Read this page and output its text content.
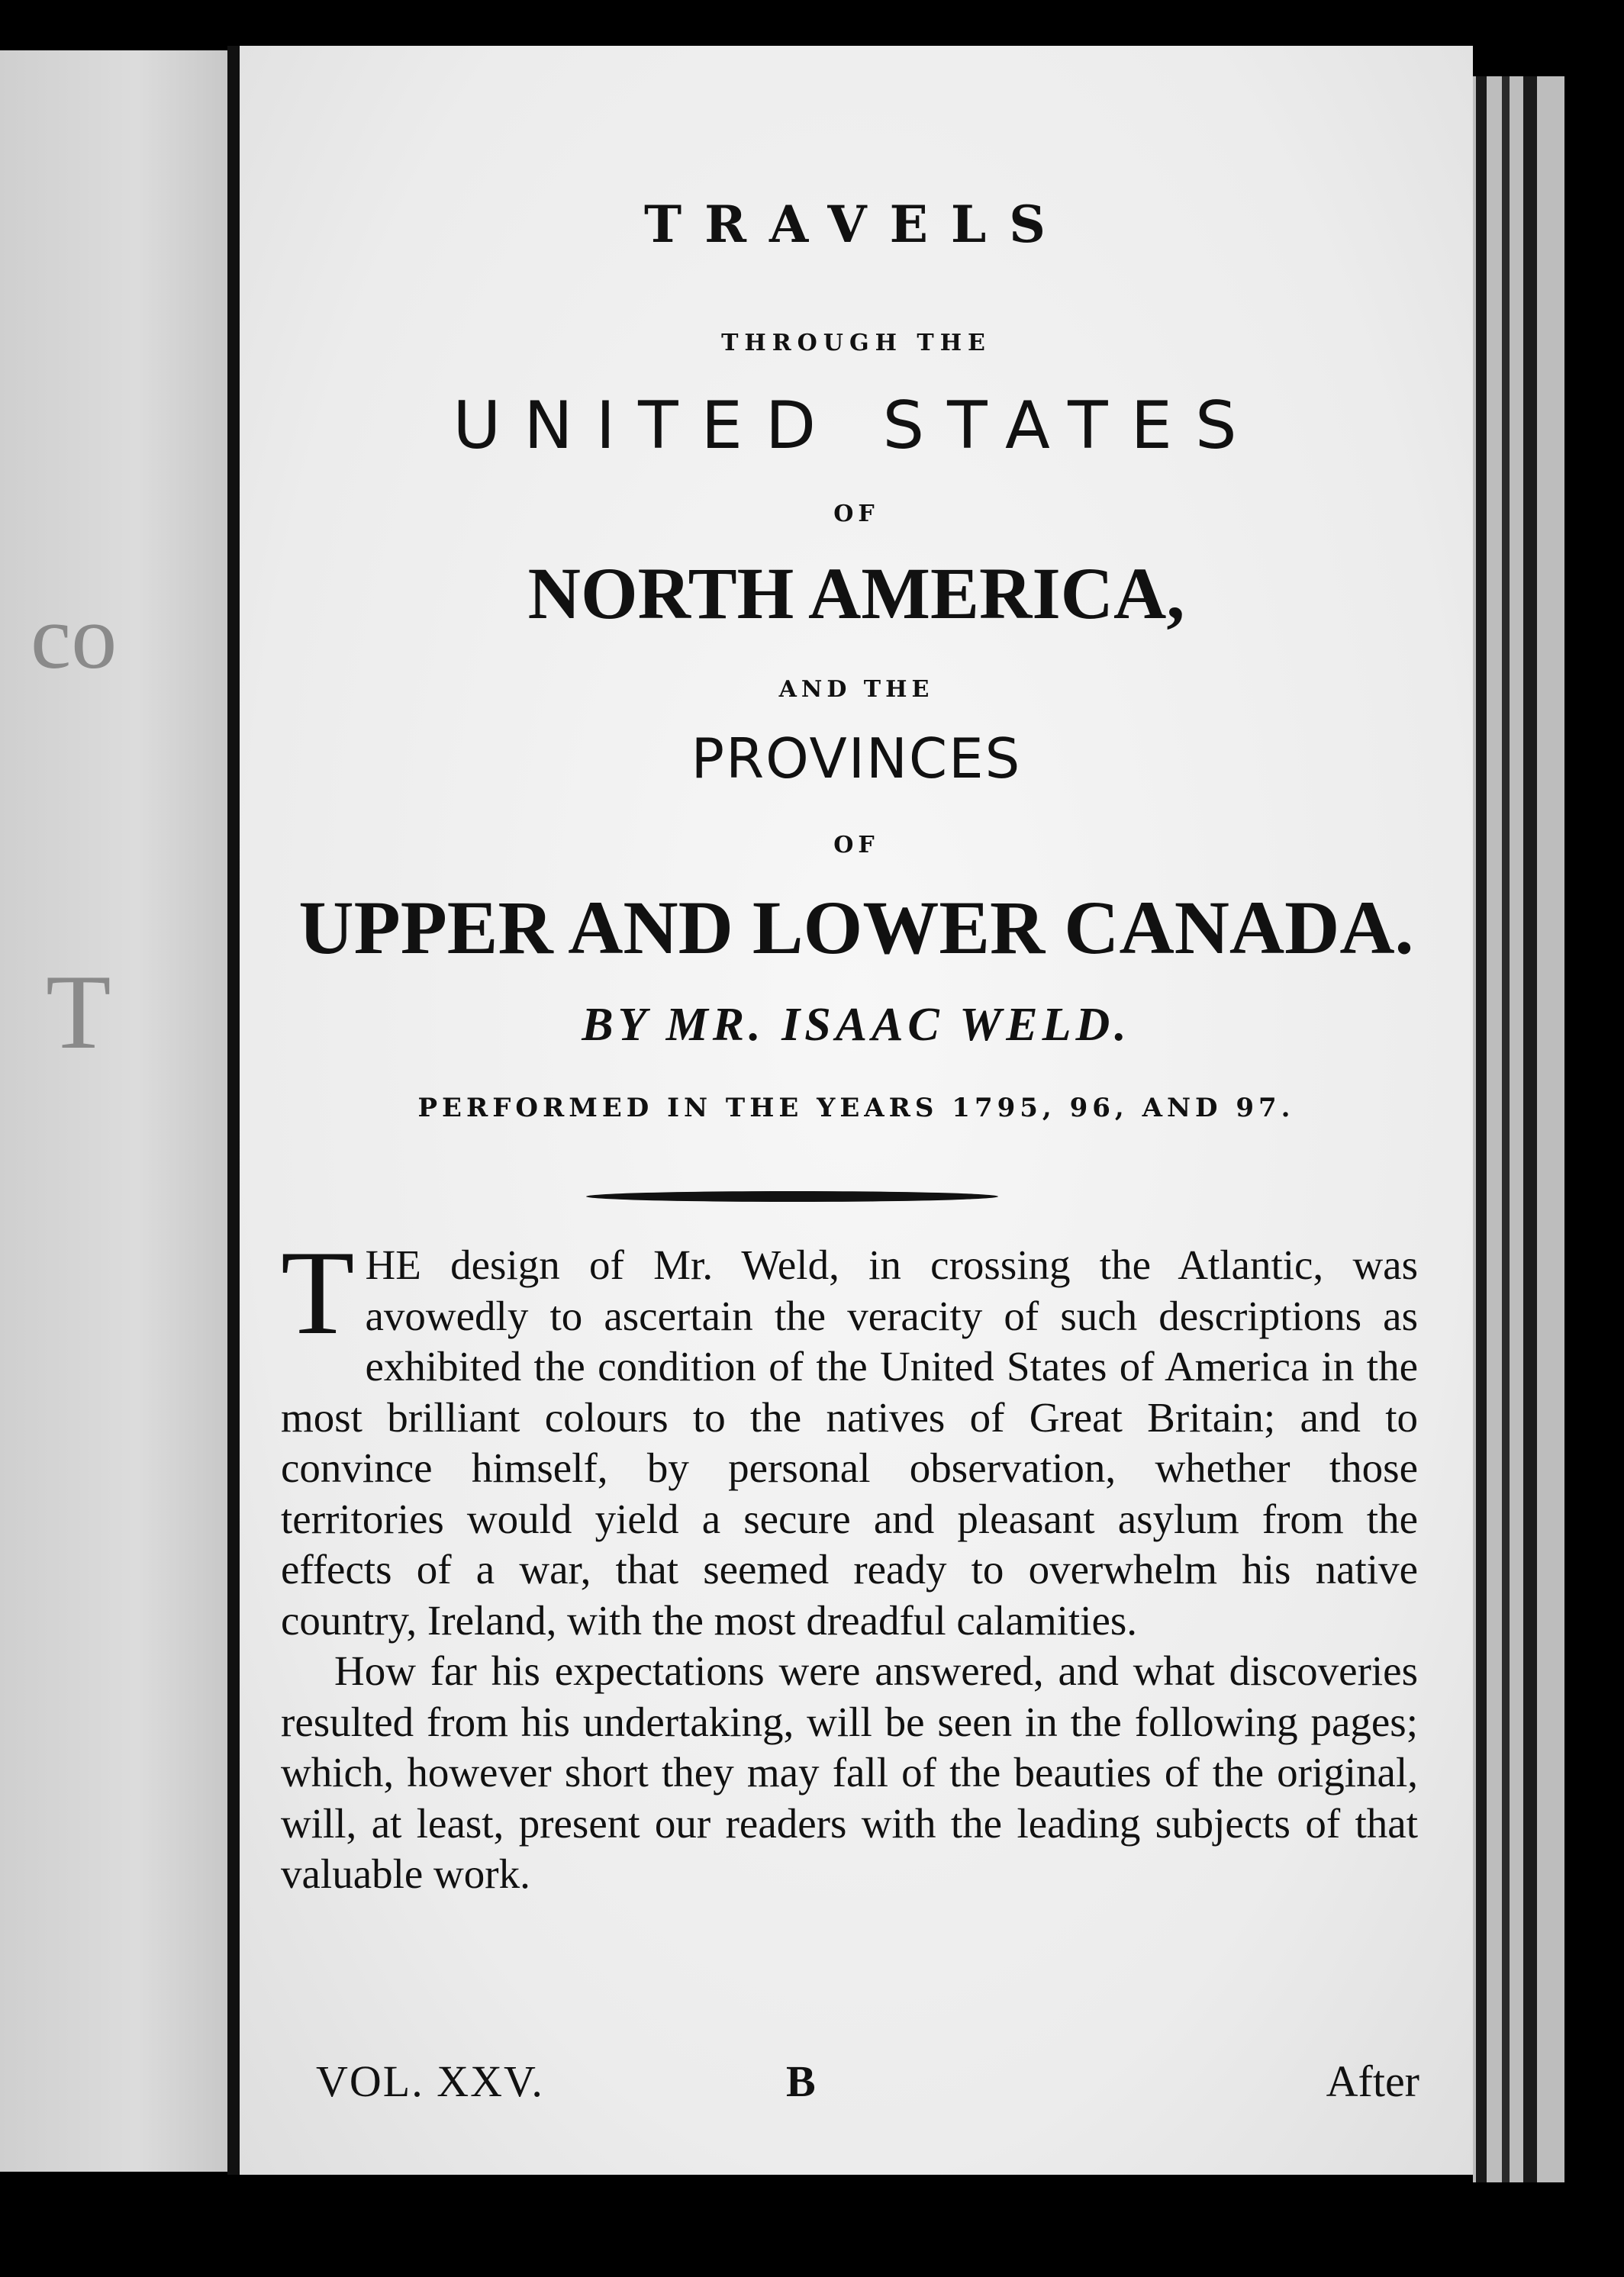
co
T
TRAVELS
THROUGH THE
UNITED STATES
OF
NORTH AMERICA,
AND THE
PROVINCES
OF
UPPER AND LOWER CANADA.
BY MR. ISAAC WELD.
PERFORMED IN THE YEARS 1795, 96, AND 97.

T HE design of Mr. Weld, in crossing the Atlantic, was avowedly to ascertain the veracity of such descriptions as exhibited the condition of the United States of America in the most brilliant colours to the natives of Great Britain; and to convince himself, by personal observation, whether those territories would yield a secure and pleasant asylum from the effects of a war, that seemed ready to overwhelm his native country, Ireland, with the most dreadful calamities.

How far his expectations were answered, and what discoveries resulted from his undertaking, will be seen in the following pages; which, however short they may fall of the beauties of the original, will, at least, present our readers with the leading subjects of that valuable work.

VOL. XXV.	B	After
